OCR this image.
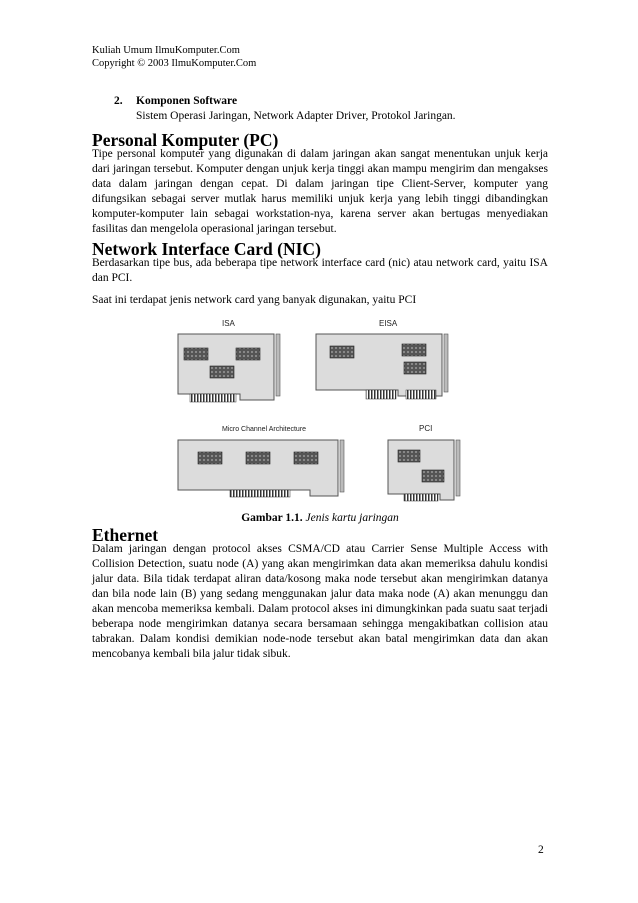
Kuliah Umum IlmuKomputer.Com
Copyright © 2003 IlmuKomputer.Com
2. Komponen Software
Sistem Operasi Jaringan, Network Adapter Driver, Protokol Jaringan.
Personal Komputer (PC)

Tipe personal komputer yang digunakan di dalam jaringan akan sangat menentukan unjuk kerja dari jaringan tersebut. Komputer dengan unjuk kerja tinggi akan mampu mengirim dan mengakses data dalam jaringan dengan cepat. Di dalam jaringan tipe Client-Server, komputer yang difungsikan sebagai server mutlak harus memiliki unjuk kerja yang lebih tinggi dibandingkan komputer-komputer lain sebagai workstation-nya, karena server akan bertugas menyediakan fasilitas dan mengelola operasional jaringan tersebut.

Network Interface Card (NIC)

Berdasarkan tipe bus, ada beberapa tipe network interface card (nic) atau network card, yaitu ISA dan PCI.

Saat ini terdapat jenis network card yang banyak digunakan, yaitu PCI

ISA	EISA
Micro Channel Architecture	PCI
Gambar 1.1. Jenis kartu jaringan
Ethernet

Dalam jaringan dengan protocol akses CSMA/CD atau Carrier Sense Multiple Access with Collision Detection, suatu node (A) yang akan mengirimkan data akan memeriksa dahulu kondisi jalur data. Bila tidak terdapat aliran data/kosong maka node tersebut akan mengirimkan datanya dan bila node lain (B) yang sedang menggunakan jalur data maka node (A) akan menunggu dan akan mencoba memeriksa kembali. Dalam protocol akses ini dimungkinkan pada suatu saat terjadi beberapa node mengirimkan datanya secara bersamaan sehingga mengakibatkan collision atau tabrakan. Dalam kondisi demikian node-node tersebut akan batal mengirimkan data dan akan mencobanya kembali bila jalur tidak sibuk.

2
